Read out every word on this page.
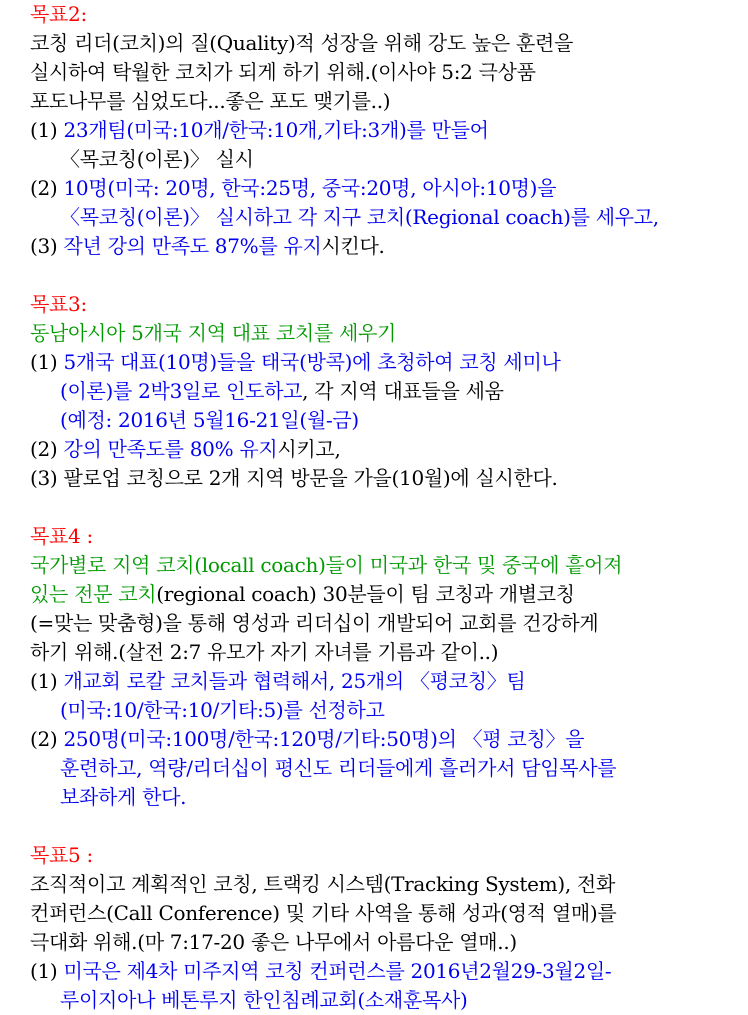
목표2:
코칭 리더(코치)의 질(Quality)적 성장을 위해 강도 높은 훈련을
실시하여 탁월한 코치가 되게 하기 위해.(이사야 5:2 극상품
포도나무를 심었도다...좋은 포도 맺기를..)
(1) 23개팀(미국:10개/한국:10개,기타:3개)를 만들어
〈목코칭(이론)〉 실시
(2) 10명(미국: 20명, 한국:25명, 중국:20명, 아시아:10명)을
〈목코칭(이론)〉 실시하고 각 지구 코치(Regional coach)를 세우고,
(3) 작년 강의 만족도 87%를 유지시킨다.
목표3:
동남아시아 5개국 지역 대표 코치를 세우기
(1) 5개국 대표(10명)들을 태국(방콕)에 초청하여 코칭 세미나
(이론)를 2박3일로 인도하고, 각 지역 대표들을 세움
(예정: 2016년 5월16-21일(월-금)
(2) 강의 만족도를 80% 유지시키고,
(3) 팔로업 코칭으로 2개 지역 방문을 가을(10월)에 실시한다.
목표4 :
국가별로 지역 코치(locall coach)들이 미국과 한국 및 중국에 흩어져
있는 전문 코치(regional coach) 30분들이 팀 코칭과 개별코칭
(=맞는 맞춤형)을 통해 영성과 리더십이 개발되어 교회를 건강하게
하기 위해.(살전 2:7 유모가 자기 자녀를 기름과 같이..)
(1) 개교회 로칼 코치들과 협력해서, 25개의 〈평코칭〉팀
(미국:10/한국:10/기타:5)를 선정하고
(2) 250명(미국:100명/한국:120명/기타:50명)의 〈평 코칭〉을
훈련하고, 역량/리더십이 평신도 리더들에게 흘러가서 담임목사를
보좌하게 한다.
목표5 :
조직적이고 계획적인 코칭, 트랙킹 시스템(Tracking System), 전화
컨퍼런스(Call Conference) 및 기타 사역을 통해 성과(영적 열매)를
극대화 위해.(마 7:17-20 좋은 나무에서 아름다운 열매..)
(1) 미국은 제4차 미주지역 코칭 컨퍼런스를 2016년2월29-3월2일-
루이지아나 베톤루지 한인침례교회(소재훈목사)
